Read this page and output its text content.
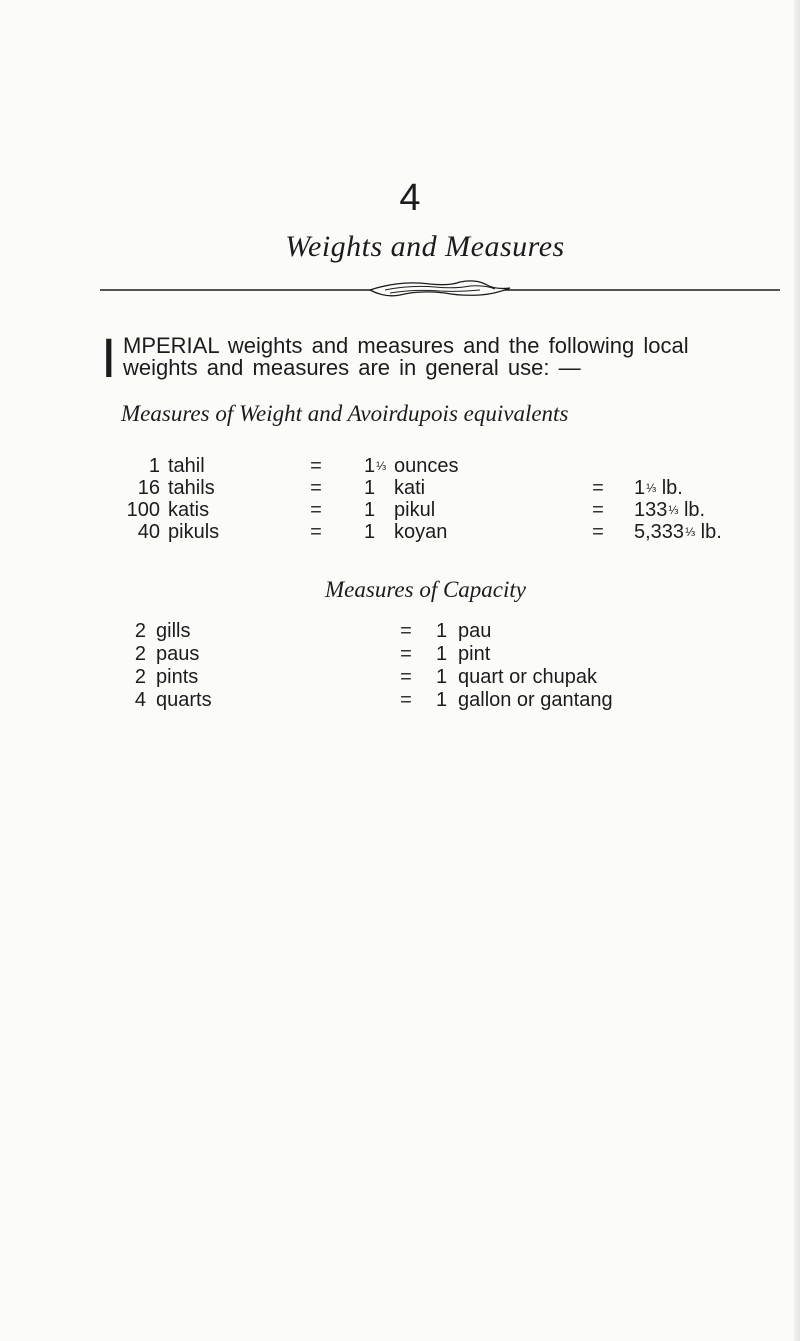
4
Weights and Measures
I MPERIAL weights and measures and the following local
weights and measures are in general use: —
Measures of Weight and Avoirdupois equivalents
1 tahil	= 1⅓ ounces
16 tahils	= 1 kati	= 1⅓ lb.
100 katis	= 1 pikul	= 133⅓ lb.
40 pikuls	= 1 koyan	= 5,333⅓ lb.
Measures of Capacity
2 gills	= 1 pau
2 paus	= 1 pint
2 pints	= 1 quart or chupak
4 quarts	= 1 gallon or gantang
